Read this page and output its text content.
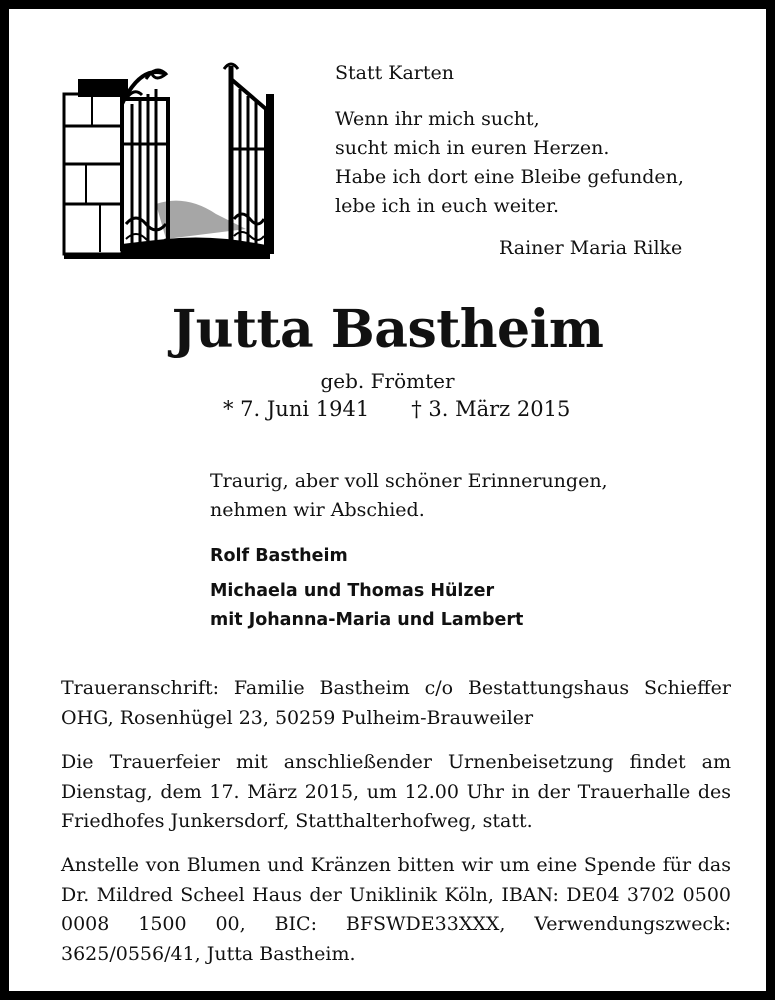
Statt Karten
Wenn ihr mich sucht,
sucht mich in euren Herzen.
Habe ich dort eine Bleibe gefunden,
lebe ich in euch weiter.
Rainer Maria Rilke
Jutta Bastheim
geb. Frömter
* 7. Juni 1941 † 3. März 2015
Traurig, aber voll schöner Erinnerungen,
nehmen wir Abschied.
Rolf Bastheim
Michaela und Thomas Hülzer
mit Johanna-Maria und Lambert
Traueranschrift: Familie Bastheim c/o Bestattungshaus Schieffer OHG, Rosenhügel 23, 50259 Pulheim-Brauweiler
Die Trauerfeier mit anschließender Urnenbeisetzung findet am Dienstag, dem 17. März 2015, um 12.00 Uhr in der Trauerhalle des Friedhofes Junkersdorf, Statthalterhofweg, statt.
Anstelle von Blumen und Kränzen bitten wir um eine Spende für das Dr. Mildred Scheel Haus der Uniklinik Köln, IBAN: DE04 3702 0500 0008 1500 00, BIC: BFSWDE33XXX, Verwendungszweck: 3625/0556/41, Jutta Bastheim.
